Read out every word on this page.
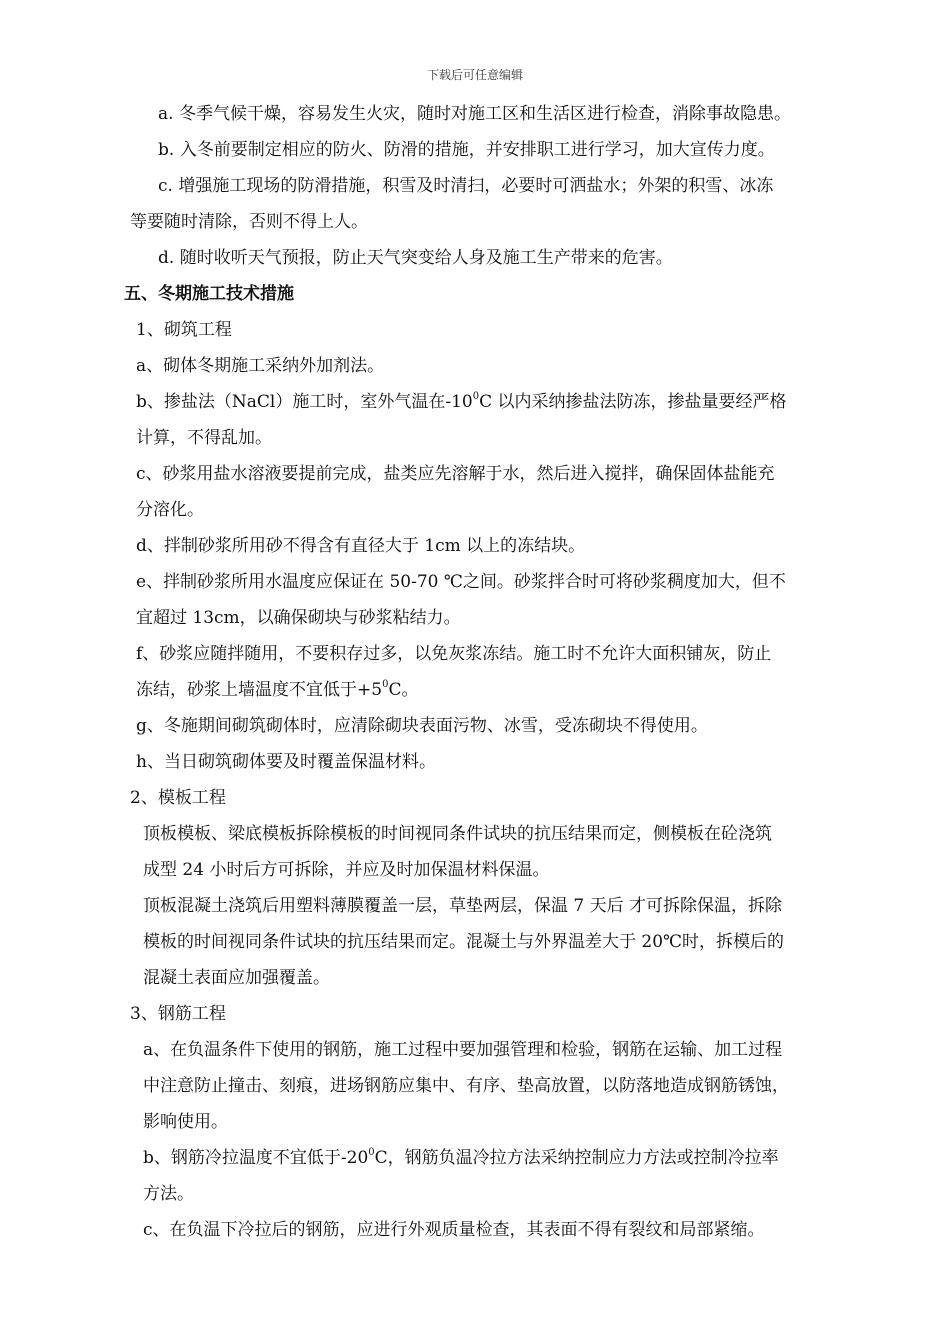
下载后可任意编辑

a. 冬季气候干燥，容易发生火灾，随时对施工区和生活区进行检查，消除事故隐患。

b. 入冬前要制定相应的防火、防滑的措施，并安排职工进行学习，加大宣传力度。

c. 增强施工现场的防滑措施，积雪及时清扫，必要时可洒盐水；外架的积雪、冰冻

等要随时清除，否则不得上人。

d. 随时收听天气预报，防止天气突变给人身及施工生产带来的危害。

五、冬期施工技术措施

1、砌筑工程

a、砌体冬期施工采纳外加剂法。

b、掺盐法（NaCl）施工时，室外气温在$-10^0C$ 以内采纳掺盐法防冻，掺盐量要经严格

计算，不得乱加。

c、砂浆用盐水溶液要提前完成，盐类应先溶解于水，然后进入搅拌，确保固体盐能充

分溶化。

d、拌制砂浆所用砂不得含有直径大于 1cm 以上的冻结块。

e、拌制砂浆所用水温度应保证在 50-70 ℃之间。砂浆拌合时可将砂浆稠度加大，但不

宜超过 13cm，以确保砌块与砂浆粘结力。

f、砂浆应随拌随用，不要积存过多，以免灰浆冻结。施工时不允许大面积铺灰，防止

冻结，砂浆上墙温度不宜低于$+5^0C$。

g、冬施期间砌筑砌体时，应清除砌块表面污物、冰雪，受冻砌块不得使用。

h、当日砌筑砌体要及时覆盖保温材料。

2、模板工程

顶板模板、梁底模板拆除模板的时间视同条件试块的抗压结果而定，侧模板在砼浇筑

成型 24 小时后方可拆除，并应及时加保温材料保温。

顶板混凝土浇筑后用塑料薄膜覆盖一层，草垫两层，保温 7 天后 才可拆除保温，拆除

模板的时间视同条件试块的抗压结果而定。混凝土与外界温差大于 20℃时，拆模后的

混凝土表面应加强覆盖。

3、钢筋工程

a、在负温条件下使用的钢筋，施工过程中要加强管理和检验，钢筋在运输、加工过程

中注意防止撞击、刻痕，进场钢筋应集中、有序、垫高放置，以防落地造成钢筋锈蚀，

影响使用。

b、钢筋冷拉温度不宜低于$-20^0C$，钢筋负温冷拉方法采纳控制应力方法或控制冷拉率

方法。

c、在负温下冷拉后的钢筋，应进行外观质量检查，其表面不得有裂纹和局部紧缩。
